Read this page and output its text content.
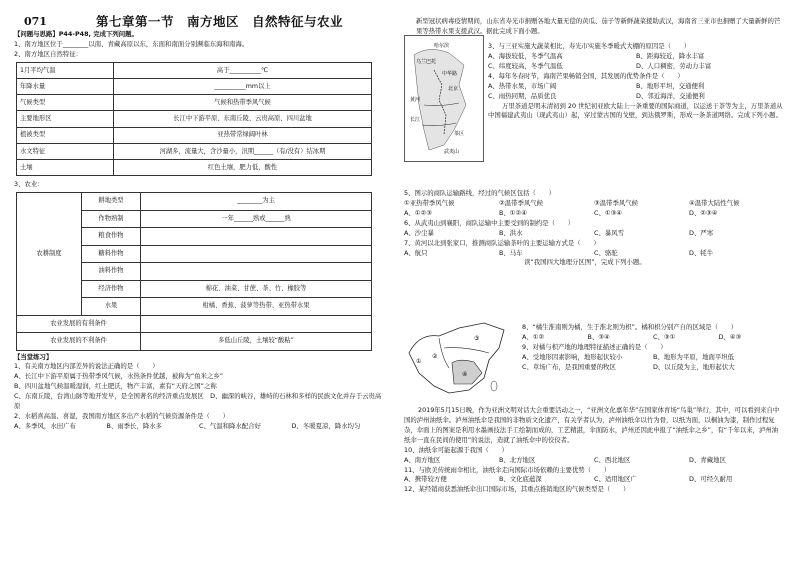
071	第七章第一节　南方地区　自然特征与农业

【问题与思路】P44-P48, 完成下列问题。

1、南方地区位于________以南、青藏高原以东，东面和南面分别濒临东海和南海。

2、南方地区自然特征：

1月平均气温	高于__________℃
年降水量	__________mm以上
气候类型	气候和热带季风气候
主要地形区	长江中下游平原、东南丘陵、云贵高原、四川盆地
植被类型	亚热带常绿阔叶林
水文特征	河湖多，流量大，含沙量小，汛期______（有/没有）结冰期
土壤	红色土壤，肥力低，酸性

3、农业：

农耕制度	耕地类型	________为主
	作物熟制	一年______熟或______熟
	粮食作物	
	糖料作物	
	油料作物	
	经济作物	棉花、油菜、甘蔗、茶、竹、橡胶等
	水果	柑橘、香蕉、菠萝等热带、亚热带水果
农业发展的有利条件		
农业发展的不利条件		多低山丘陵，土壤较“酸粘”

【当堂练习】

1、有关南方地区内部差异的说法正确的是（　　）

A、长江中下游平原属于热带季风气候，水热条件优越，被称为“鱼米之乡”

B、四川盆地气候温暖湿润，红土肥沃，物产丰富，素有“天府之国”之称

C、东南丘陵，台湾山脉等地开发早，是全国著名的经济重点发展区　D、幽深的峡谷，雄峙的石林和多样的民族文化并存于云贵高原

2、水稻喜高温、喜湿，我国南方地区多出产水稻的气候资源条件是（　　）

A、多季风，水田广布	B、雨季长，降水多	C、气温和降水配合好	D、冬暖夏凉，降水均匀

新型冠状病毒疫情期间，山东省寿光市捐赠各地大量无偿的黄瓜、茄子等新鲜蔬菜援助武汉，海南省三亚市也捐赠了大量新鲜的芒果等热带水果支援武汉。据此完成下面小题。

哈尔滨
乌兰巴托
中华路
北京
黄河
长江
茶区
武夷山

3、与三亚实施大蔬菜相比，寿光市实施冬季暖式大棚的原因是（　　）

A、海拔较低，冬季气温高	B、距海较近，降水丰富
C、纬度较高，冬季气温低	D、人口稠密，劳动力丰富

4、每年冬春时节，海南芒果畅销全国，其发展的优势条件是（　　）

A、热带水果，市场广阔	B、地形平坦，交通便利
C、雨热同期，品质优良	D、邻近海洋，交通便利

万里茶道是明末清初到 20 世纪初亚欧大陆上一条重要的国际商道，以运送干茶等为主，万里茶道从中国福建武夷山（现武夷山）起，穿过蒙古国的戈壁，到达俄罗斯，形成一条茶道网络。完成下列小题。

5、图示的商队运输路线，经过的气候区包括（　　）

①亚热带季风气候	②温带季风气候	③温带季风气候	④温带大陆性气候
A、①②③	B、①②④	C、①③④	D、②③④

6、从武夷山到襄阳，商队运输中主要受到的制约是（　　）

A、沙尘暴	B、洪水	C、暴风雪	D、严寒

7、黄河以北到张家口，推测商队运输茶叶的主要运输方式是（　　）

A、航只	B、马车	C、骆驼	D、牦牛

读“我国四大地理分区图”，完成下列小题。

①
②
③
④

8、“橘生淮南则为橘，生于淮北则为枳”。橘和枳分别产自的区域是（　　）

A、①②	B、③④	C、③①	D、④③

9、对橘与枳产地的地理特征描述正确的是（　　）

A、受地形因素影响，地形起伏较小	B、地形为平原，地面平坦低
C、草场广布，是我国重要的牧区	D、以丘陵为主，地形起伏大

2019年5月15日晚，作为亚洲文明对话大会重要活动之一，“亚洲文化嘉年华”在国家体育场“鸟巢”举行，其中，可以看到来自中国的泸州油纸伞。泸州油纸伞是我国的非物质文化遗产，有关学者认为，泸州油纸伞以竹为骨，以纸为面，以桐油为漆，制作过程复杂，伞面上的图案是利用水墨画技法手工绘制而成的，工艺精湛，伞面防水，泸州还因此申报了“油纸伞之乡”，有“千年以来，泸州油纸伞一直在民间的使用”的说法，造就了油纸伞中的佼佼者。

10、油纸伞可能起源于我国（　　）

A、南方地区	B、北方地区	C、西北地区	D、青藏地区

11、与欧美传统雨伞相比，油纸伞走向国际市场依赖的主要优势（　　）

A、携带较方便	B、文化底蕴深	C、适用地区广	D、可经久耐用

12、某经销商获悉油纸伞出口国际市场，其重点推销地区的气候类型是（　　）
